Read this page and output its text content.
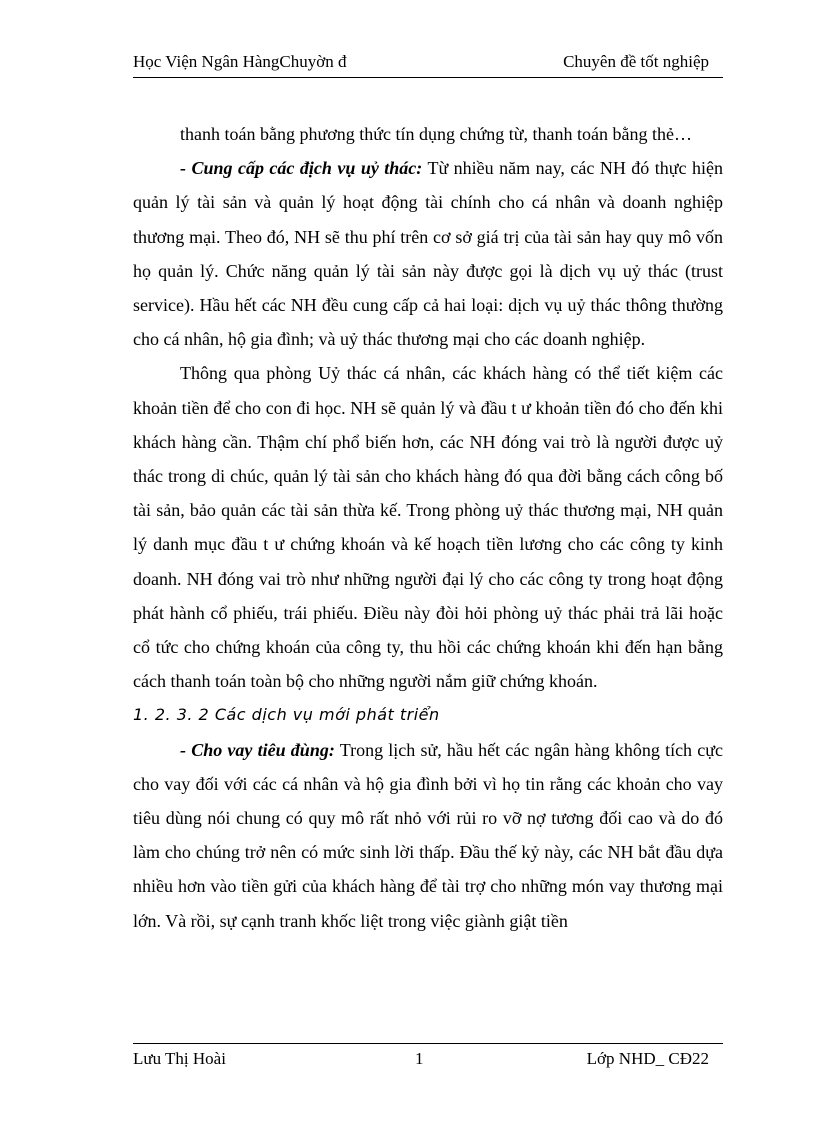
Học Viện Ngân HàngChuyờn đ	Chuyên đề tốt nghiệp

thanh toán bằng phương thức tín dụng chứng từ, thanh toán bằng thẻ…

- Cung cấp các địch vụ uỷ thác: Từ nhiều năm nay, các NH đó thực hiện quản lý tài sản và quản lý hoạt động tài chính cho cá nhân và doanh nghiệp thương mại. Theo đó, NH sẽ thu phí trên cơ sở giá trị của tài sản hay quy mô vốn họ quản lý. Chức năng quản lý tài sản này được gọi là dịch vụ uỷ thác (trust service). Hầu hết các NH đều cung cấp cả hai loại: dịch vụ uỷ thác thông thường cho cá nhân, hộ gia đình; và uỷ thác thương mại cho các doanh nghiệp.

Thông qua phòng Uỷ thác cá nhân, các khách hàng có thể tiết kiệm các khoản tiền để cho con đi học. NH sẽ quản lý và đầu t ư khoản tiền đó cho đến khi khách hàng cần. Thậm chí phổ biến hơn, các NH đóng vai trò là người được uỷ thác trong di chúc, quản lý tài sản cho khách hàng đó qua đời bằng cách công bố tài sản, bảo quản các tài sản thừa kế. Trong phòng uỷ thác thương mại, NH quản lý danh mục đầu t ư chứng khoán và kế hoạch tiền lương cho các công ty kinh doanh. NH đóng vai trò như những người đại lý cho các công ty trong hoạt động phát hành cổ phiếu, trái phiếu. Điều này đòi hỏi phòng uỷ thác phải trả lãi hoặc cổ tức cho chứng khoán của công ty, thu hồi các chứng khoán khi đến hạn bằng cách thanh toán toàn bộ cho những người nắm giữ chứng khoán.

1. 2. 3. 2 Các dịch vụ mới phát triển

- Cho vay tiêu đùng: Trong lịch sử, hầu hết các ngân hàng không tích cực cho vay đối với các cá nhân và hộ gia đình bởi vì họ tin rằng các khoản cho vay tiêu dùng nói chung có quy mô rất nhỏ với rủi ro vỡ nợ tương đối cao và do đó làm cho chúng trở nên có mức sinh lời thấp. Đầu thế kỷ này, các NH bắt đầu dựa nhiều hơn vào tiền gửi của khách hàng để tài trợ cho những món vay thương mại lớn. Và rồi, sự cạnh tranh khốc liệt trong việc giành giật tiền

Lưu Thị Hoài	1	Lớp NHD_ CĐ22
